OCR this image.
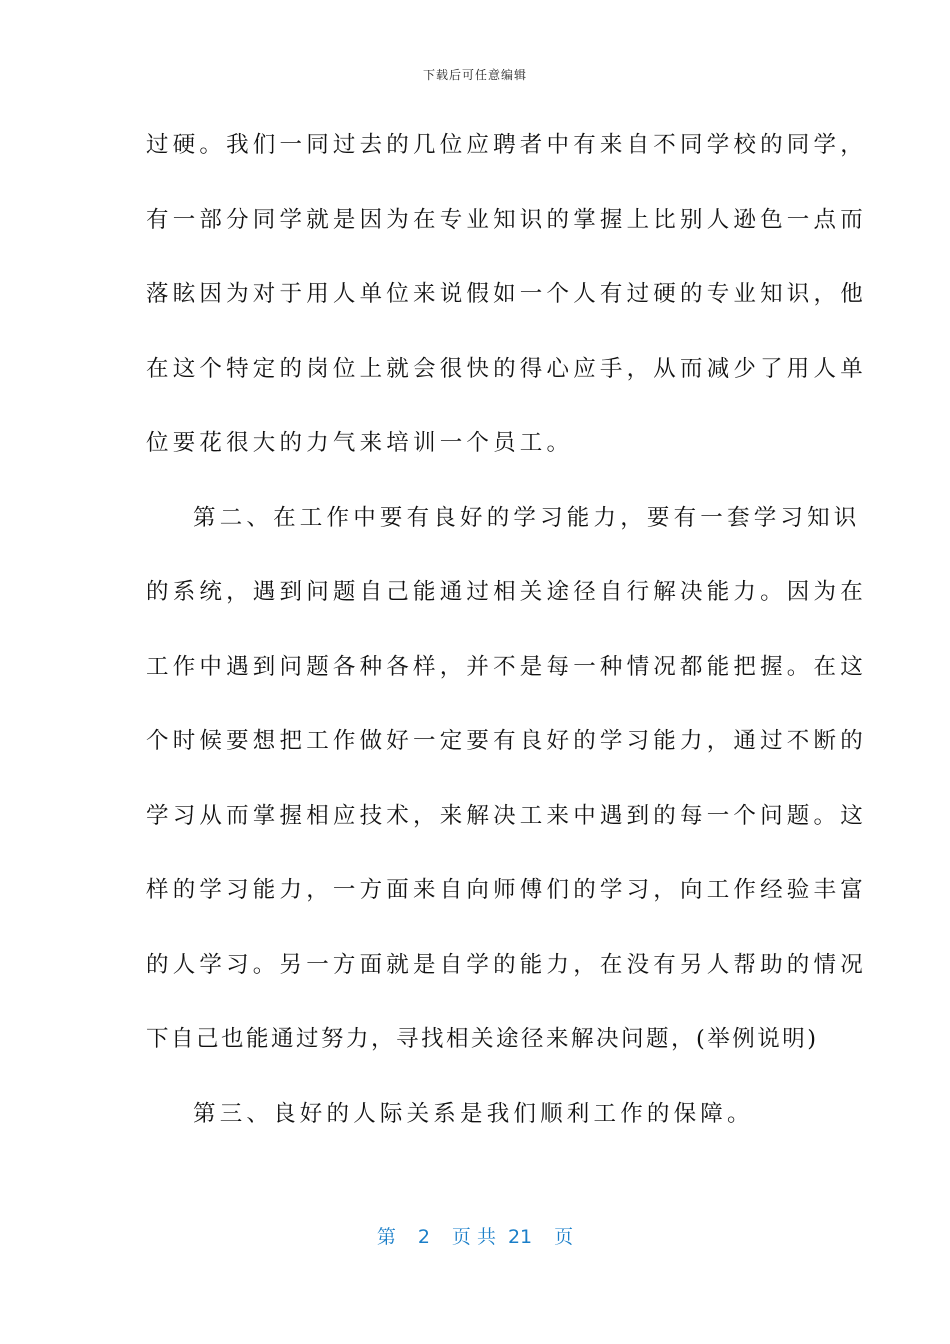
下载后可任意编辑
过硬。我们一同过去的几位应聘者中有来自不同学校的同学，
有一部分同学就是因为在专业知识的掌握上比别人逊色一点而
落眩因为对于用人单位来说假如一个人有过硬的专业知识，他
在这个特定的岗位上就会很快的得心应手，从而减少了用人单
位要花很大的力气来培训一个员工。
第二、在工作中要有良好的学习能力，要有一套学习知识
的系统，遇到问题自己能通过相关途径自行解决能力。因为在
工作中遇到问题各种各样，并不是每一种情况都能把握。在这
个时候要想把工作做好一定要有良好的学习能力，通过不断的
学习从而掌握相应技术，来解决工来中遇到的每一个问题。这
样的学习能力，一方面来自向师傅们的学习，向工作经验丰富
的人学习。另一方面就是自学的能力，在没有另人帮助的情况
下自己也能通过努力，寻找相关途径来解决问题，(举例说明)
第三、良好的人际关系是我们顺利工作的保障。
第 2 页 共 21 页
